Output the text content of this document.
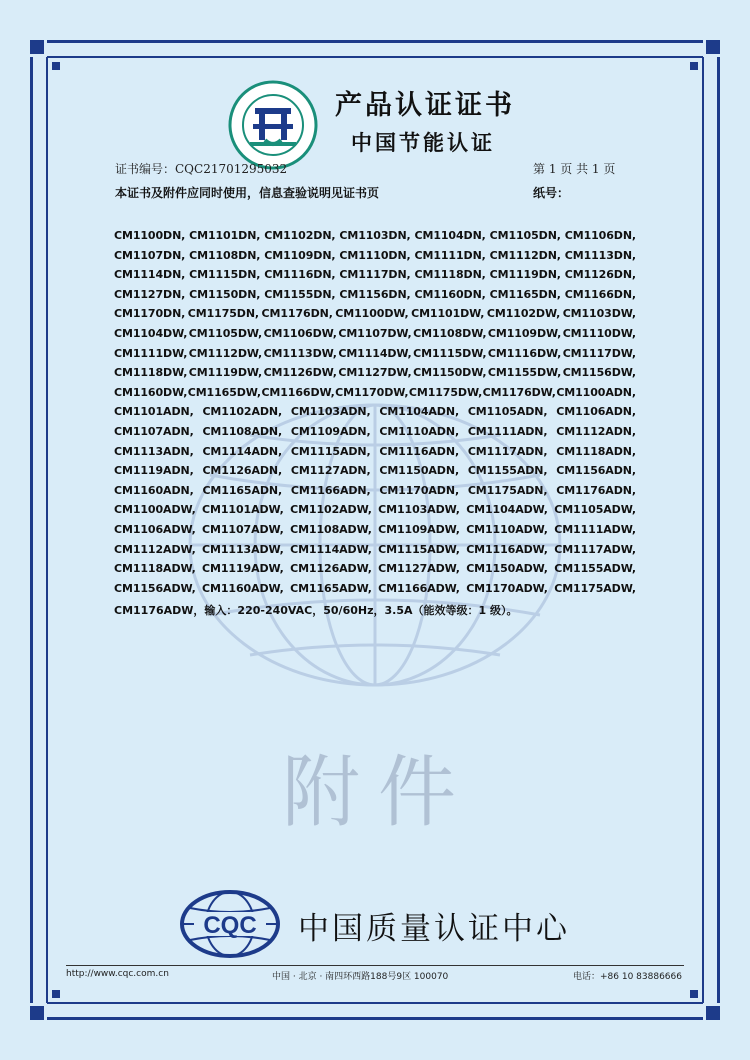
附件
产品认证证书
中国节能认证
证书编号：CQC21701295032	第 1 页 共 1 页
本证书及附件应同时使用，信息查验说明见证书页	纸号：
CM1100DN, CM1101DN, CM1102DN, CM1103DN, CM1104DN, CM1105DN, CM1106DN,
CM1107DN, CM1108DN, CM1109DN, CM1110DN, CM1111DN, CM1112DN, CM1113DN,
CM1114DN, CM1115DN, CM1116DN, CM1117DN, CM1118DN, CM1119DN, CM1126DN,
CM1127DN, CM1150DN, CM1155DN, CM1156DN, CM1160DN, CM1165DN, CM1166DN,
CM1170DN, CM1175DN, CM1176DN, CM1100DW, CM1101DW, CM1102DW, CM1103DW,
CM1104DW, CM1105DW, CM1106DW, CM1107DW, CM1108DW, CM1109DW, CM1110DW,
CM1111DW, CM1112DW, CM1113DW, CM1114DW, CM1115DW, CM1116DW, CM1117DW,
CM1118DW, CM1119DW, CM1126DW, CM1127DW, CM1150DW, CM1155DW, CM1156DW,
CM1160DW, CM1165DW, CM1166DW, CM1170DW, CM1175DW, CM1176DW, CM1100ADN,
CM1101ADN, CM1102ADN, CM1103ADN, CM1104ADN, CM1105ADN, CM1106ADN,
CM1107ADN, CM1108ADN, CM1109ADN, CM1110ADN, CM1111ADN, CM1112ADN,
CM1113ADN, CM1114ADN, CM1115ADN, CM1116ADN, CM1117ADN, CM1118ADN,
CM1119ADN, CM1126ADN, CM1127ADN, CM1150ADN, CM1155ADN, CM1156ADN,
CM1160ADN, CM1165ADN, CM1166ADN, CM1170ADN, CM1175ADN, CM1176ADN,
CM1100ADW, CM1101ADW, CM1102ADW, CM1103ADW, CM1104ADW, CM1105ADW,
CM1106ADW, CM1107ADW, CM1108ADW, CM1109ADW, CM1110ADW, CM1111ADW,
CM1112ADW, CM1113ADW, CM1114ADW, CM1115ADW, CM1116ADW, CM1117ADW,
CM1118ADW, CM1119ADW, CM1126ADW, CM1127ADW, CM1150ADW, CM1155ADW,
CM1156ADW, CM1160ADW, CM1165ADW, CM1166ADW, CM1170ADW, CM1175ADW,
CM1176ADW，输入：220-240VAC，50/60Hz，3.5A（能效等级：1 级）。
CQC 中国质量认证中心
http://www.cqc.com.cn	中国 · 北京 · 南四环西路188号9区 100070	电话：+86 10 83886666
